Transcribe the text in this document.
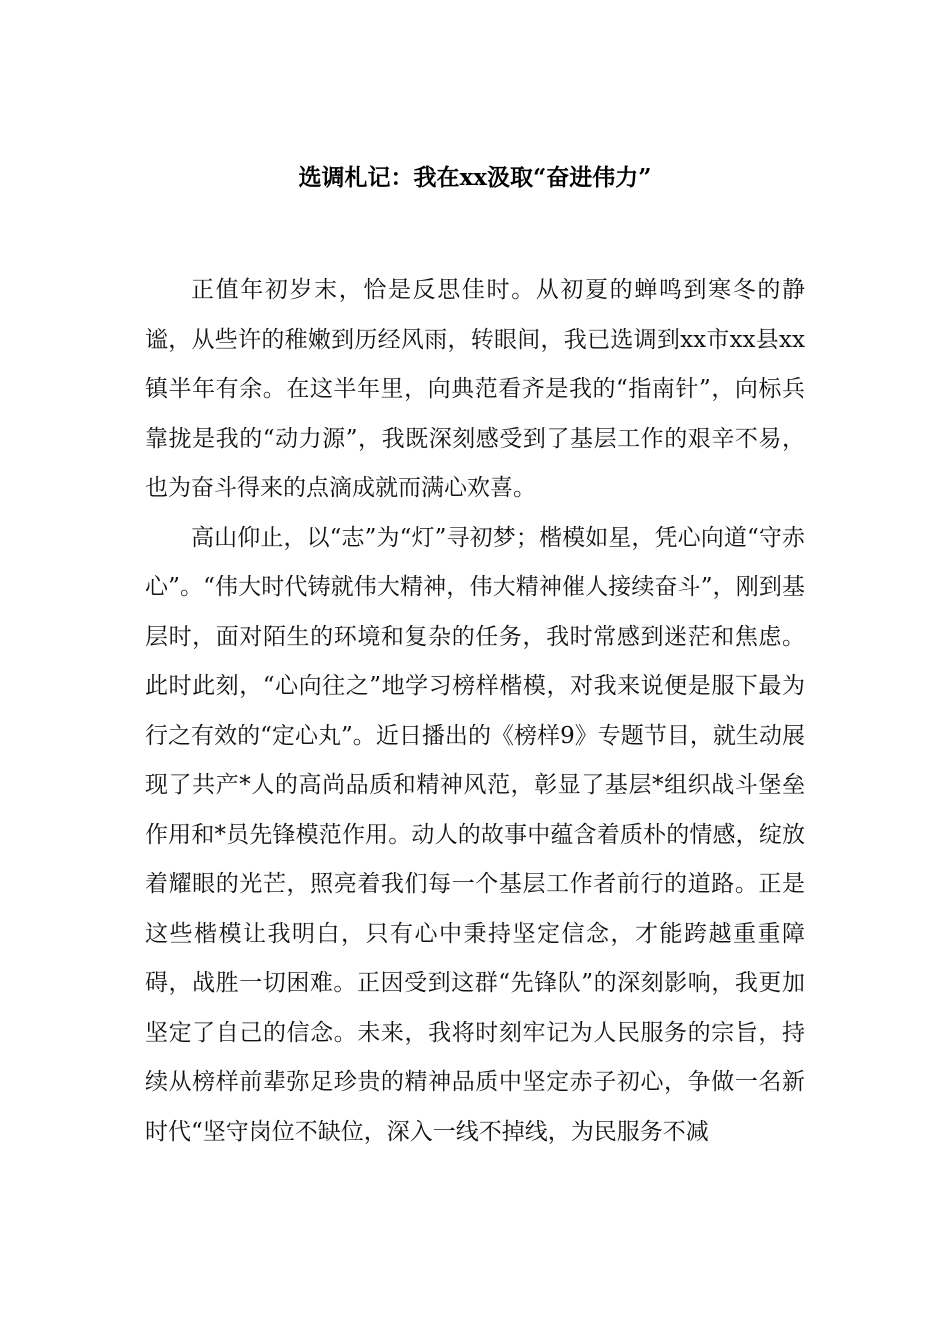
选调札记：我在xx汲取“奋进伟力”

正值年初岁末，恰是反思佳时。从初夏的蝉鸣到寒冬的静谧，从些许的稚嫩到历经风雨，转眼间，我已选调到xx市xx县xx镇半年有余。在这半年里，向典范看齐是我的“指南针”，向标兵靠拢是我的“动力源”，我既深刻感受到了基层工作的艰辛不易，也为奋斗得来的点滴成就而满心欢喜。

高山仰止，以“志”为“灯”寻初梦；楷模如星，凭心向道“守赤心”。“伟大时代铸就伟大精神，伟大精神催人接续奋斗”，刚到基层时，面对陌生的环境和复杂的任务，我时常感到迷茫和焦虑。此时此刻，“心向往之”地学习榜样楷模，对我来说便是服下最为行之有效的“定心丸”。近日播出的《榜样9》专题节目，就生动展现了共产*人的高尚品质和精神风范，彰显了基层*组织战斗堡垒作用和*员先锋模范作用。动人的故事中蕴含着质朴的情感，绽放着耀眼的光芒，照亮着我们每一个基层工作者前行的道路。正是这些楷模让我明白，只有心中秉持坚定信念，才能跨越重重障碍，战胜一切困难。正因受到这群“先锋队”的深刻影响，我更加坚定了自己的信念。未来，我将时刻牢记为人民服务的宗旨，持续从榜样前辈弥足珍贵的精神品质中坚定赤子初心，争做一名新时代“坚守岗位不缺位，深入一线不掉线，为民服务不减
